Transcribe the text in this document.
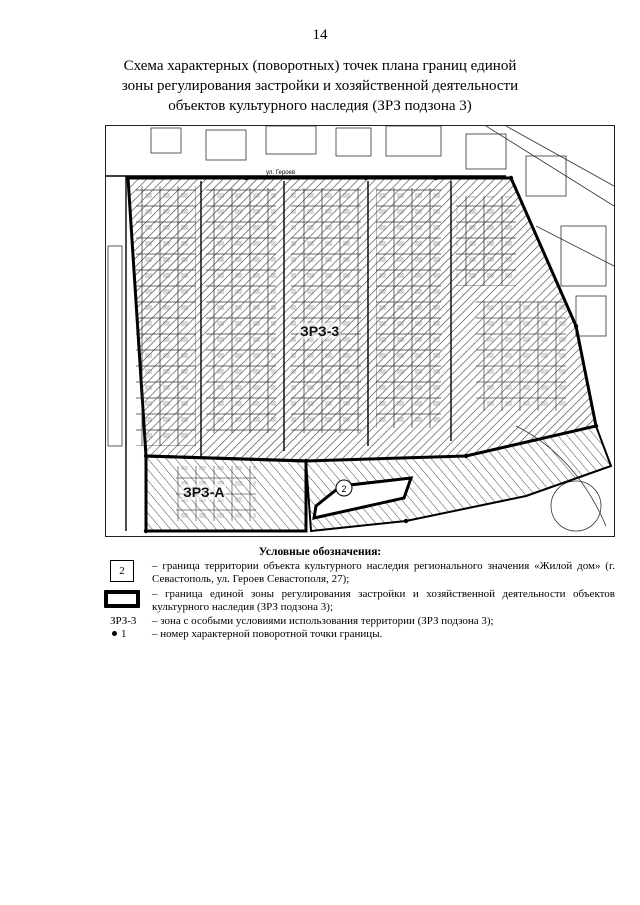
14
Схема характерных (поворотных) точек плана границ единой зоны регулирования застройки и хозяйственной деятельности объектов культурного наследия (ЗРЗ подзона 3)
2
ул. Героев
ЗРЗ-3
ЗРЗ-А
Условные обозначения:
2	– граница территории объекта культурного наследия регионального значения «Жилой дом» (г. Севастополь, ул. Героев Севастополя, 27);
– граница единой зоны регулирования застройки и хозяйственной деятельности объектов культурного наследия (ЗРЗ подзона 3);
ЗРЗ-3 – зона с особыми условиями использования территории (ЗРЗ подзона 3);
1 – номер характерной поворотной точки границы.
